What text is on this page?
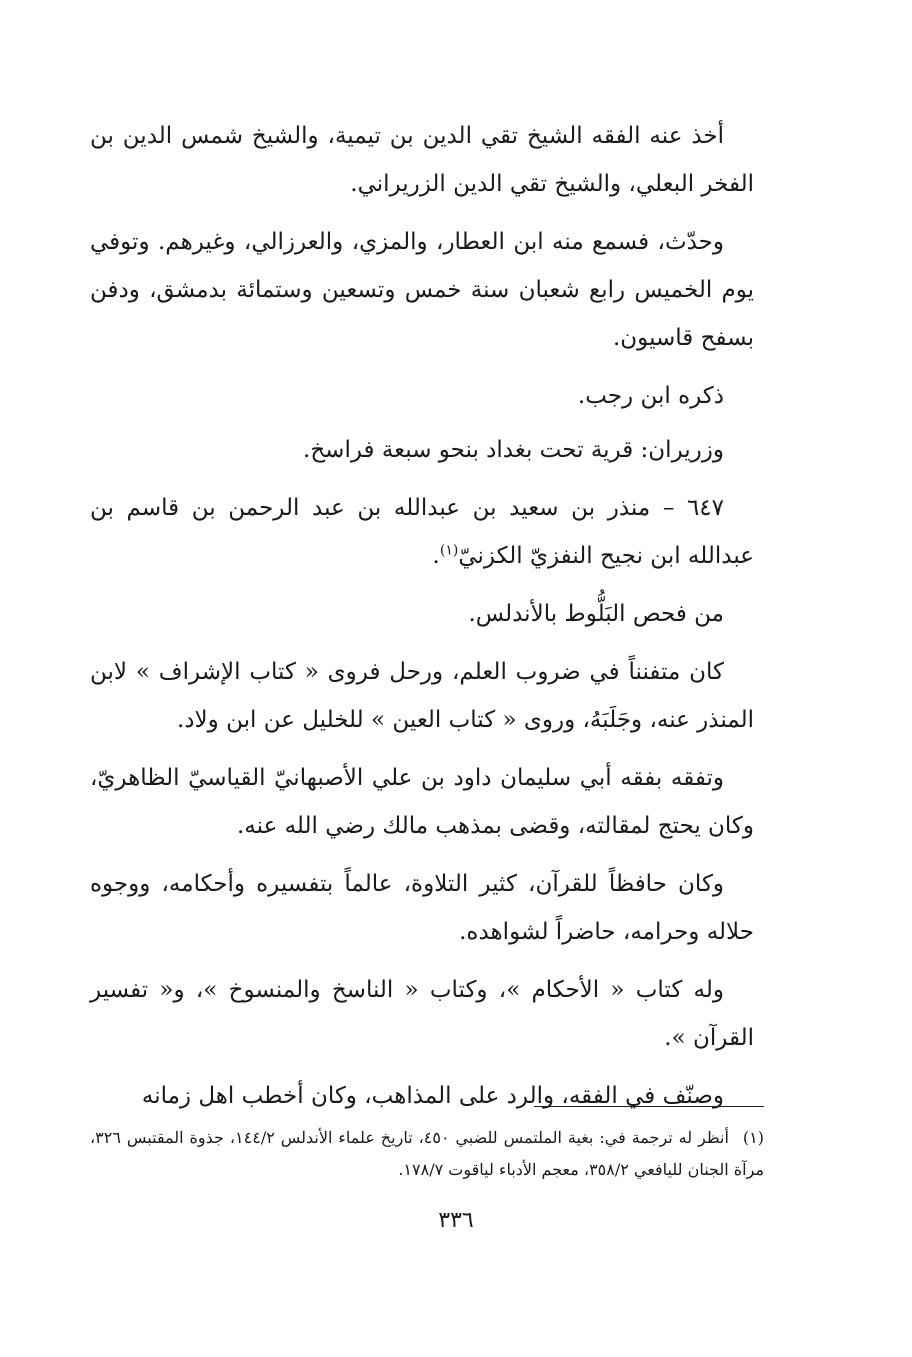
أخذ عنه الفقه الشيخ تقي الدين بن تيمية، والشيخ شمس الدين بن الفخر البعلي، والشيخ تقي الدين الزريراني.

وحدّث، فسمع منه ابن العطار، والمزي، والعرزالي، وغيرهم. وتوفي يوم الخميس رابع شعبان سنة خمس وتسعين وستمائة بدمشق، ودفن بسفح قاسيون.

ذكره ابن رجب.

وزريران: قرية تحت بغداد بنحو سبعة فراسخ.

٦٤٧ – منذر بن سعيد بن عبدالله بن عبد الرحمن بن قاسم بن عبدالله ابن نجيح النفزيّ الكزنيّ$^{(١)}$.

من فحص البَلُّوط بالأندلس.

كان متفنناً في ضروب العلم، ورحل فروى « كتاب الإشراف » لابن المنذر عنه، وجَلَبَهُ، وروى « كتاب العين » للخليل عن ابن ولاد.

وتفقه بفقه أبي سليمان داود بن علي الأصبهانيّ القياسيّ الظاهريّ، وكان يحتج لمقالته، وقضى بمذهب مالك رضي الله عنه.

وكان حافظاً للقرآن، كثير التلاوة، عالماً بتفسيره وأحكامه، ووجوه حلاله وحرامه، حاضراً لشواهده.

وله كتاب « الأحكام »، وكتاب « الناسخ والمنسوخ »، و« تفسير القرآن ».

وصنّف في الفقه، والرد على المذاهب، وكان أخطب اهل زمانه

(١)أنظر له ترجمة في: بغية الملتمس للضبي ٤٥٠، تاريخ علماء الأندلس ١٤٤/٢، جذوة المقتبس ٣٢٦، مرآة الجنان لليافعي ٣٥٨/٢، معجم الأدباء لياقوت ١٧٨/٧.
٣٣٦
